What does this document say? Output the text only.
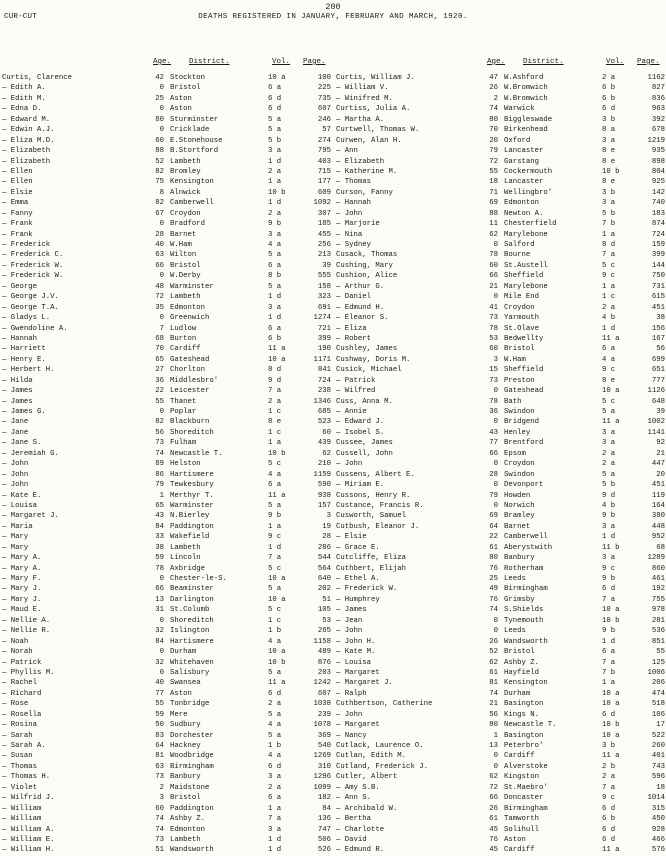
200
CUR-CUT	DEATHS REGISTERED IN JANUARY, FEBRUARY AND MARCH, 1920.
Age. District.	Vol. Page.	Age. District.	Vol. Page.
Curtis, Clarence	42 Stockton	10 a	100
— Edith A.	0 Bristol	6 a	225
— Edith M.	25 Aston	6 d	735
— Edna D.	0 Aston	6 d	607
— Edward M.	80 Sturminster	5 a	246
— Edwin A.J.	0 Cricklade	5 a	57
— Eliza M.D.	60 E.Stonehouse	5 b	274
— Elizabeth	88 B.Stortford	3 a	795
— Elizabeth	52 Lambeth	1 d	403
— Ellen	82 Bromley	2 a	715
— Ellen	75 Kensington	1 a	177
— Elsie	8 Alnwick	10 b	609
— Emma	82 Camberwell	1 d	1092
— Fanny	67 Croydon	2 a	307
— Frank	0 Bradford	9 b	185
— Frank	28 Barnet	3 a	455
— Frederick	40 W.Ham	4 a	256
— Frederick C.	63 Wilton	5 a	213
— Frederick W.	66 Bristol	6 a	39
— Frederick W.	0 W.Derby	8 b	555
— George	48 Warminster	5 a	158
— George J.V.	72 Lambeth	1 d	323
— George T.A.	35 Edmonton	3 a	691
— Gladys L.	0 Greenwich	1 d	1274
— Gwendoline A.	7 Ludlow	6 a	721
— Hannah	68 Burton	6 b	399
— Harriett	70 Cardiff	11 a	190
— Henry E.	65 Gateshead	10 a	1171
— Herbert H.	27 Chorlton	8 d	841
— Hilda	36 Middlesbro'	9 d	724
— James	22 Leicester	7 a	238
— James	55 Thanet	2 a	1346
— James G.	0 Poplar	1 c	685
— Jane	82 Blackburn	8 e	523
— Jane	56 Shoreditch	1 c	60
— Jane S.	73 Fulham	1 a	439
— Jeremiah G.	74 Newcastle T.	10 b	62
— John	89 Helston	5 c	210
— John	86 Hartismere	4 a	1159
— John	79 Tewkesbury	6 a	590
— Kate E.	1 Merthyr T.	11 a	938
— Louisa	65 Warminster	5 a	157
— Margaret J.	43 N.Bierley	9 b	3
— Maria	84 Paddington	1 a	19
— Mary	33 Wakefield	9 c	28
— Mary	38 Lambeth	1 d	286
— Mary A.	59 Lincoln	7 a	544
— Mary A.	78 Axbridge	5 c	564
— Mary F.	0 Chester-le-S.	10 a	640
— Mary J.	66 Beaminster	5 a	202
— Mary J.	13 Darlington	10 a	51
— Maud E.	31 St.Columb	5 c	105
— Nellie A.	0 Shoreditch	1 c	53
— Nellie R.	32 Islington	1 b	265
— Noah	84 Hartismere	4 a	1158
— Norah	0 Durham	10 a	489
— Patrick	32 Whitehaven	10 b	876
— Phyllis M.	0 Salisbury	5 a	203
— Rachel	40 Swansea	11 a	1242
— Richard	77 Aston	6 d	607
— Rose	55 Tonbridge	2 a	1038
— Rosella	59 Mere	5 a	239
— Rosina	50 Sudbury	4 a	1078
— Sarah	83 Dorchester	5 a	369
— Sarah A.	64 Hackney	1 b	540
— Susan	81 Woodbridge	4 a	1269
— Thomas	63 Birmingham	6 d	310
— Thomas H.	73 Banbury	3 a	1296
— Violet	2 Maidstone	2 a	1099
— Wilfrid J.	3 Bristol	6 a	182
— William	60 Paddington	1 a	84
— William	74 Ashby Z.	7 a	136
— William A.	74 Edmonton	3 a	747
— William E.	73 Lambeth	1 d	506
— William H.	51 Wandsworth	1 d	526
Curtis, William J.	47 W.Ashford	2 a	1162
— William V.	26 W.Bromwich	6 b	827
— Winifred M.	2 W.Bromwich	6 b	836
Curtiss, Julia A.	74 Warwick	6 d	963
— Martha A.	80 Biggleswade	3 b	392
Curtwell, Thomas W.	70 Birkenhead	8 a	678
Curwen, Alan H.	20 Oxford	3 a	1219
— Ann	79 Lancaster	8 e	935
— Elizabeth	72 Garstang	8 e	898
— Katherine M.	55 Cockermouth	10 b	804
— Thomas	18 Lancaster	8 e	925
Curson, Fanny	71 Wellingbro'	3 b	142
— Hannah	69 Edmonton	3 a	740
— John	88 Newton A.	5 b	183
— Marjorie	11 Chesterfield	7 b	874
— Nina	62 Marylebone	1 a	724
— Sydney	0 Salford	8 d	159
Cusack, Thomas	78 Bourne	7 a	399
Cushing, Mary	60 St.Austell	5 c	144
Cushion, Alice	66 Sheffield	9 c	750
— Arthur G.	21 Marylebone	1 a	731
— Daniel	0 Mile End	1 c	615
— Edmund H.	41 Croydon	2 a	451
— Eleanor S.	73 Yarmouth	4 b	38
— Eliza	78 St.Olave	1 d	156
— Robert	53 Bedwellty	11 a	167
Cushley, James	60 Bristol	6 a	56
Cushway, Doris M.	3 W.Ham	4 a	699
Cusick, Michael	15 Sheffield	9 c	651
— Patrick	73 Preston	8 e	777
— Wilfred	0 Gateshead	10 a	1126
Cuss, Anna M.	78 Bath	5 c	648
— Annie	36 Swindon	5 a	39
— Edward J.	0 Bridgend	11 a	1002
— Isobel S.	43 Henley	3 a	1141
Cussee, James	77 Brentford	3 a	92
Cussell, John	66 Epsom	2 a	21
— John	0 Croydon	2 a	447
Cussens, Albert E.	28 Swindon	5 a	20
— Miriam E.	0 Devonport	5 b	451
Cussons, Henry R.	79 Howden	9 d	119
Custance, Francis R.	0 Norwich	4 b	164
Cusworth, Samuel	69 Bramley	9 b	380
Cutbush, Eleanor J.	64 Barnet	3 a	448
— Elsie	22 Camberwell	1 d	952
— Grace E.	61 Aberystwith	11 b	68
Cutcliffe, Eliza	80 Banbury	3 a	1289
Cuthbert, Elijah	76 Rotherham	9 c	860
— Ethel A.	25 Leeds	9 b	461
— Frederick W.	49 Birmingham	6 d	192
— Humphrey	76 Grimsby	7 a	755
— James	74 S.Shields	10 a	978
— Jean	0 Tynemouth	10 b	281
— John	0 Leeds	9 b	536
— John H.	26 Wandsworth	1 d	851
— Kate M.	52 Bristol	6 a	55
— Louisa	62 Ashby Z.	7 a	125
— Margaret	61 Hayfield	7 b	1006
— Margaret J.	81 Kensington	1 a	206
— Ralph	74 Durham	10 a	474
Cuthbertson, Catherine	21 Basington	10 a	518
— John	56 Kings N.	6 d	106
— Margaret	80 Newcastle T.	10 b	17
— Nancy	1 Basington	10 a	522
Cutlack, Laurence O.	13 Peterbro'	3 b	260
Cutlan, Edith M.	0 Cardiff	11 a	401
Cutland, Frederick J.	0 Alverstoke	2 b	743
Cutler, Albert	62 Kingston	2 a	596
— Amy S.B.	72 St.Maebro'	7 a	18
— Ann S.	66 Doncaster	9 c	1014
— Archibald W.	26 Birmingham	6 d	315
— Bertha	61 Tamworth	6 b	450
— Charlotte	45 Solihull	6 d	928
— David	76 Aston	6 d	466
— Edmund R.	45 Cardiff	11 a	576
